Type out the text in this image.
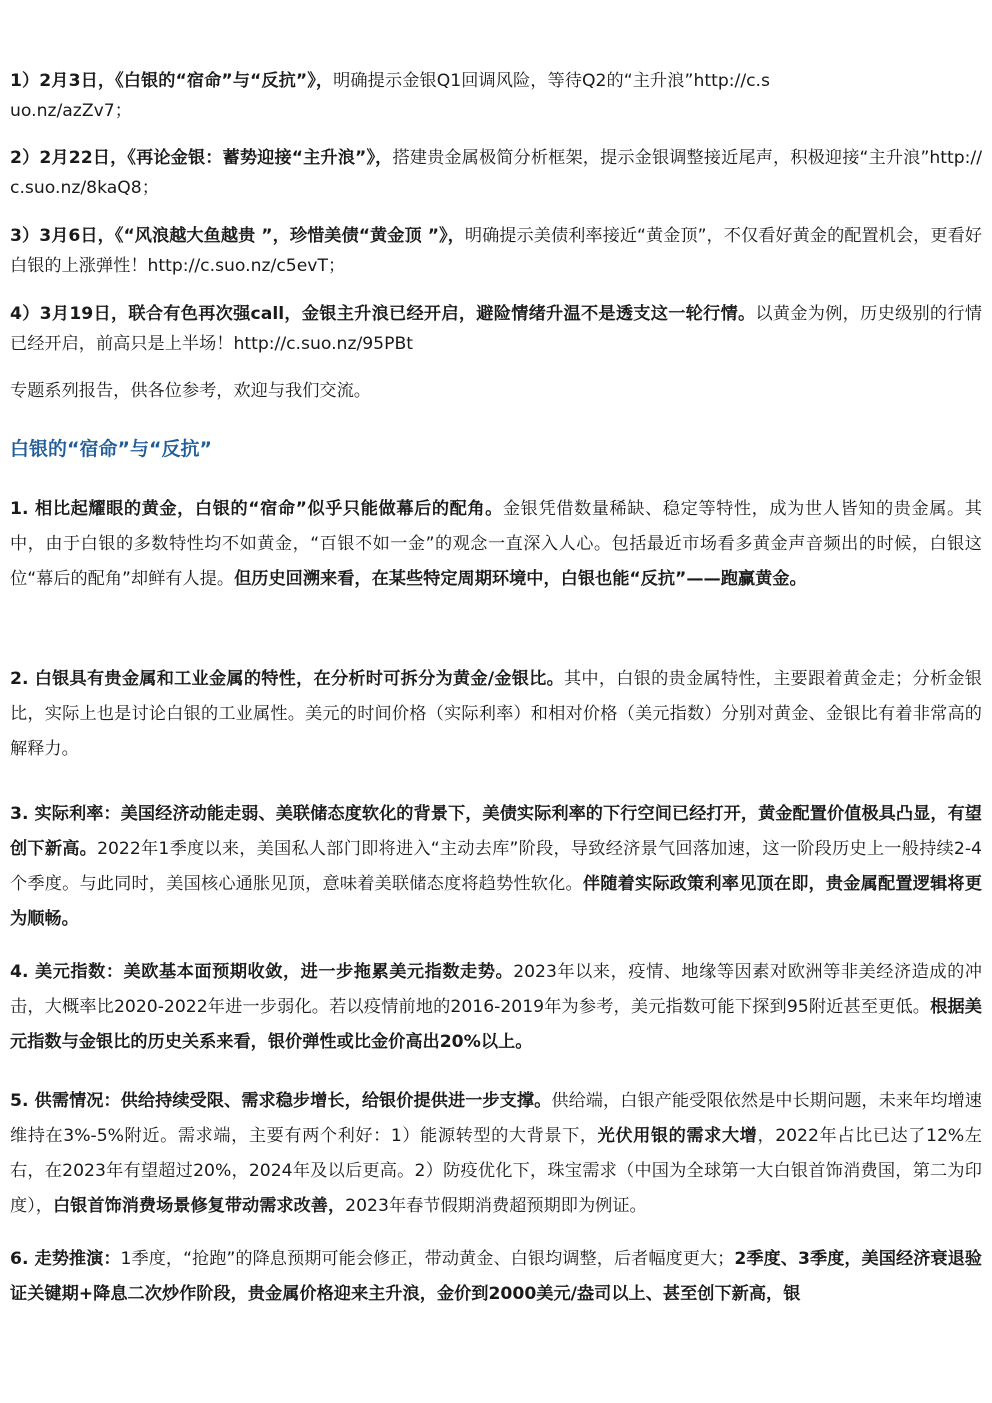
1）2月3日，《白银的“宿命”与“反抗”》，明确提示金银Q1回调风险，等待Q2的“主升浪”http://c.suo.nz/azZv7；

2）2月22日，《再论金银：蓄势迎接“主升浪”》，搭建贵金属极简分析框架，提示金银调整接近尾声，积极迎接“主升浪”http://c.suo.nz/8kaQ8；

3）3月6日，《“风浪越大鱼越贵 ”，珍惜美债“黄金顶 ”》，明确提示美债利率接近“黄金顶”，不仅看好黄金的配置机会，更看好白银的上涨弹性！http://c.suo.nz/c5evT；

4）3月19日，联合有色再次强call，金银主升浪已经开启，避险情绪升温不是透支这一轮行情。以黄金为例，历史级别的行情已经开启，前高只是上半场！http://c.suo.nz/95PBt

专题系列报告，供各位参考，欢迎与我们交流。

白银的“宿命”与“反抗”

1. 相比起耀眼的黄金，白银的“宿命”似乎只能做幕后的配角。金银凭借数量稀缺、稳定等特性，成为世人皆知的贵金属。其中，由于白银的多数特性均不如黄金，“百银不如一金”的观念一直深入人心。包括最近市场看多黄金声音频出的时候，白银这位“幕后的配角”却鲜有人提。但历史回溯来看，在某些特定周期环境中，白银也能“反抗”——跑赢黄金。

2. 白银具有贵金属和工业金属的特性，在分析时可拆分为黄金/金银比。其中，白银的贵金属特性，主要跟着黄金走；分析金银比，实际上也是讨论白银的工业属性。美元的时间价格（实际利率）和相对价格（美元指数）分别对黄金、金银比有着非常高的解释力。

3. 实际利率：美国经济动能走弱、美联储态度软化的背景下，美债实际利率的下行空间已经打开，黄金配置价值极具凸显，有望创下新高。2022年1季度以来，美国私人部门即将进入“主动去库”阶段，导致经济景气回落加速，这一阶段历史上一般持续2-4个季度。与此同时，美国核心通胀见顶，意味着美联储态度将趋势性软化。伴随着实际政策利率见顶在即，贵金属配置逻辑将更为顺畅。

4. 美元指数：美欧基本面预期收敛，进一步拖累美元指数走势。2023年以来，疫情、地缘等因素对欧洲等非美经济造成的冲击，大概率比2020-2022年进一步弱化。若以疫情前地的2016-2019年为参考，美元指数可能下探到95附近甚至更低。根据美元指数与金银比的历史关系来看，银价弹性或比金价高出20%以上。

5. 供需情况：供给持续受限、需求稳步增长，给银价提供进一步支撑。供给端，白银产能受限依然是中长期问题，未来年均增速维持在3%-5%附近。需求端，主要有两个利好：1）能源转型的大背景下，光伏用银的需求大增，2022年占比已达了12%左右，在2023年有望超过20%，2024年及以后更高。2）防疫优化下，珠宝需求（中国为全球第一大白银首饰消费国，第二为印度），白银首饰消费场景修复带动需求改善，2023年春节假期消费超预期即为例证。

6. 走势推演：1季度，“抢跑”的降息预期可能会修正，带动黄金、白银均调整，后者幅度更大；2季度、3季度，美国经济衰退验证关键期+降息二次炒作阶段，贵金属价格迎来主升浪，金价到2000美元/盎司以上、甚至创下新高，银
